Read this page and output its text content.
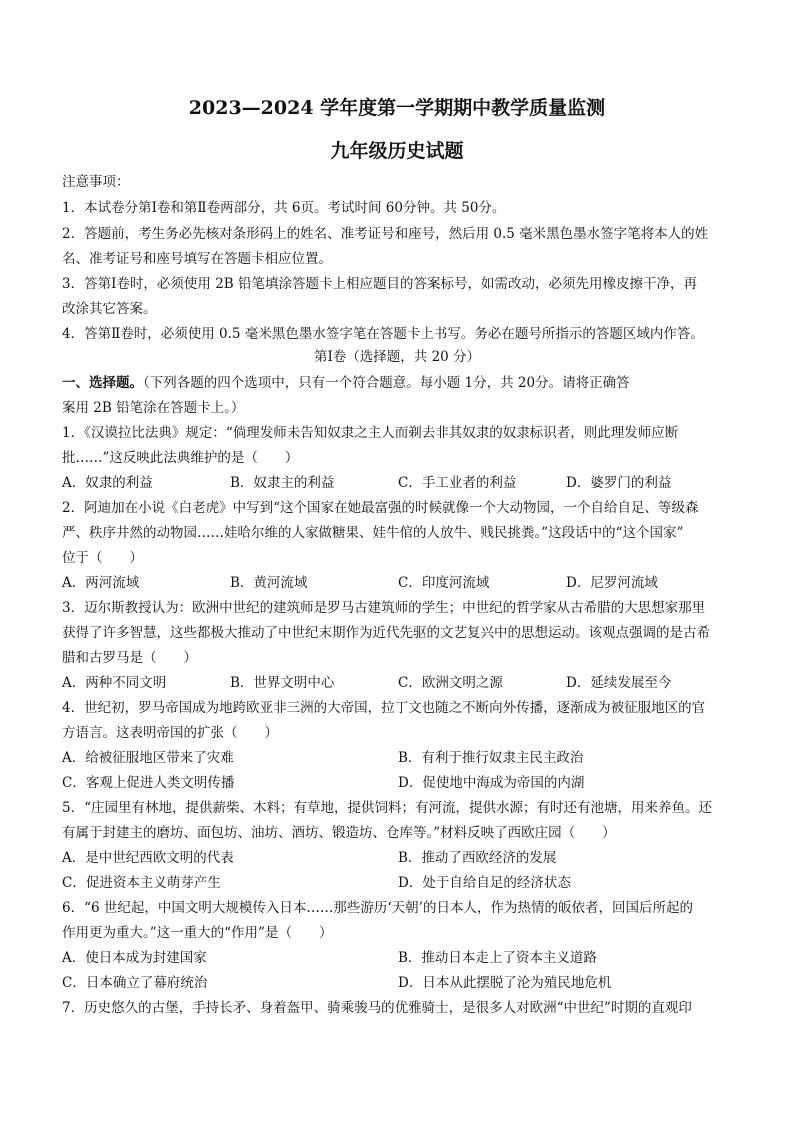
2023—2024 学年度第一学期期中教学质量监测
九年级历史试题
注意事项：
1．本试卷分第Ⅰ卷和第Ⅱ卷两部分，共 6页。考试时间 60分钟。共 50分。
2．答题前，考生务必先核对条形码上的姓名、准考证号和座号，然后用 0.5 毫米黑色墨水签字笔将本人的姓
名、准考证号和座号填写在答题卡相应位置。
3．答第Ⅰ卷时，必须使用 2B 铅笔填涂答题卡上相应题目的答案标号，如需改动，必须先用橡皮擦干净，再
改涂其它答案。
4．答第Ⅱ卷时，必须使用 0.5 毫米黑色墨水签字笔在答题卡上书写。务必在题号所指示的答题区域内作答。
第Ⅰ卷（选择题，共 20 分）
一、选择题。（下列各题的四个选项中，只有一个符合题意。每小题 1分，共 20分。请将正确答
案用 2B 铅笔涂在答题卡上。）
1．《汉谟拉比法典》规定：“倘理发师未告知奴隶之主人而剃去非其奴隶的奴隶标识者，则此理发师应断
批……”这反映此法典维护的是（　　）
A．奴隶的利益	B．奴隶主的利益	C．手工业者的利益	D．婆罗门的利益
2．阿迪加在小说《白老虎》中写到“这个国家在她最富强的时候就像一个大动物园，一个自给自足、等级森
严、秩序井然的动物园……娃哈尔维的人家做糖果、娃牛倌的人放牛、贱民挑粪。”这段话中的“这个国家”
位于（　　）
A．两河流域	B．黄河流域	C．印度河流域	D．尼罗河流域
3．迈尔斯教授认为：欧洲中世纪的建筑师是罗马古建筑师的学生；中世纪的哲学家从古希腊的大思想家那里
获得了许多智慧，这些都极大推动了中世纪末期作为近代先驱的文艺复兴中的思想运动。该观点强调的是古希
腊和古罗马是（　　）
A．两种不同文明	B．世界文明中心	C．欧洲文明之源	D．延续发展至今
4．世纪初，罗马帝国成为地跨欧亚非三洲的大帝国，拉丁文也随之不断向外传播，逐渐成为被征服地区的官
方语言。这表明帝国的扩张（　　）
A．给被征服地区带来了灾难	B．有利于推行奴隶主民主政治
C．客观上促进人类文明传播	D．促使地中海成为帝国的内湖
5．“庄园里有林地，提供薪柴、木料；有草地，提供饲料；有河流，提供水源；有时还有池塘，用来养鱼。还
有属于封建主的磨坊、面包坊、油坊、酒坊、锻造坊、仓库等。”材料反映了西欧庄园（　　）
A．是中世纪西欧文明的代表	B．推动了西欧经济的发展
C．促进资本主义萌芽产生	D．处于自给自足的经济状态
6．“6 世纪起，中国文明大规模传入日本……那些游历‘天朝’的日本人，作为热情的皈依者，回国后所起的
作用更为重大。”这一重大的“作用”是（　　）
A．使日本成为封建国家	B．推动日本走上了资本主义道路
C．日本确立了幕府统治	D．日本从此摆脱了沦为殖民地危机
7．历史悠久的古堡，手持长矛、身着盔甲、骑乘骏马的优雅骑士，是很多人对欧洲“中世纪”时期的直观印
